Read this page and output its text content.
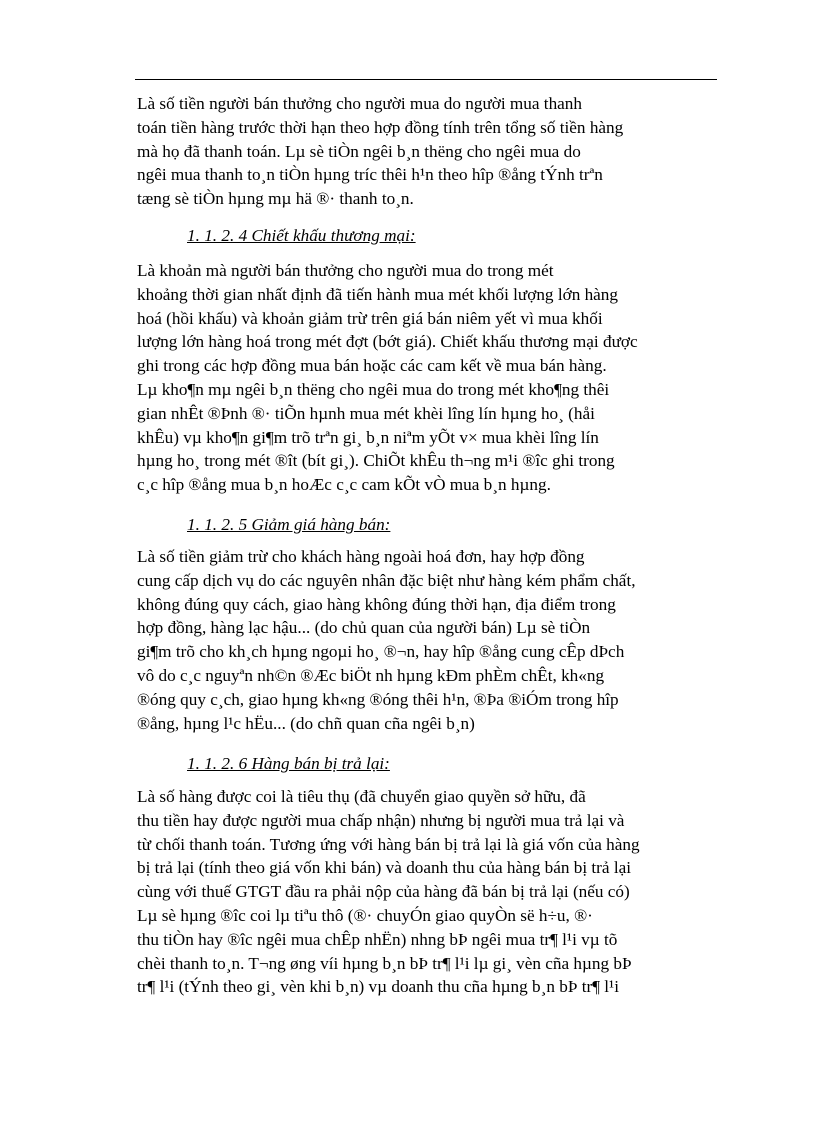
Là số tiền người bán thưởng cho người mua do người mua thanh
toán tiền hàng trước thời hạn theo hợp đồng tính trên tổng số tiền hàng
mà họ đã thanh toán. Lµ sè tiÒn ngêi b¸n thëng cho ngêi mua do
ngêi mua thanh to¸n tiÒn hµng tríc thêi h¹n theo hîp ®ång tÝnh trªn
tæng sè tiÒn hµng mµ hä ®· thanh to¸n.
1. 1. 2. 4 Chiết khấu thương mại:
Là khoản mà người bán thưởng cho người mua do trong mét
khoảng thời gian nhất định đã tiến hành mua mét khối lượng lớn hàng
hoá (hồi khấu) và khoản giảm trừ trên giá bán niêm yết vì mua khối
lượng lớn hàng hoá trong mét đợt (bớt giá). Chiết khấu thương mại được
ghi trong các hợp đồng mua bán hoặc các cam kết về mua bán hàng.
Lµ kho¶n mµ ngêi b¸n thëng cho ngêi mua do trong mét kho¶ng thêi
gian nhÊt ®Þnh ®· tiÕn hµnh mua mét khèi lîng lín hµng ho¸ (håi
khÊu) vµ kho¶n gi¶m trõ trªn gi¸ b¸n niªm yÕt v× mua khèi lîng lín
hµng ho¸ trong mét ®ît (bít gi¸). ChiÕt khÊu th¬ng m¹i ®îc ghi trong
c¸c hîp ®ång mua b¸n hoÆc c¸c cam kÕt vÒ mua b¸n hµng.
1. 1. 2. 5 Giảm giá hàng bán:
Là số tiền giảm trừ cho khách hàng ngoài hoá đơn, hay hợp đồng
cung cấp dịch vụ do các nguyên nhân đặc biệt như hàng kém phẩm chất,
không đúng quy cách, giao hàng không đúng thời hạn, địa điểm trong
hợp đồng, hàng lạc hậu... (do chủ quan của người bán) Lµ sè tiÒn
gi¶m trõ cho kh¸ch hµng ngoµi ho¸ ®¬n, hay hîp ®ång cung cÊp dÞch
vô do c¸c nguyªn nh©n ®Æc biÖt nh hµng kÐm phÈm chÊt, kh«ng
®óng quy c¸ch, giao hµng kh«ng ®óng thêi h¹n, ®Þa ®iÓm trong hîp
®ång, hµng l¹c hËu... (do chñ quan cña ngêi b¸n)
1. 1. 2. 6 Hàng bán bị trả lại:
Là số hàng được coi là tiêu thụ (đã chuyển giao quyền sở hữu, đã
thu tiền hay được người mua chấp nhận) nhưng bị người mua trả lại và
từ chối thanh toán. Tương ứng với hàng bán bị trả lại là giá vốn của hàng
bị trả lại (tính theo giá vốn khi bán) và doanh thu của hàng bán bị trả lại
cùng với thuế GTGT đầu ra phải nộp của hàng đã bán bị trả lại (nếu có)
Lµ sè hµng ®îc coi lµ tiªu thô (®· chuyÓn giao quyÒn së h÷u, ®·
thu tiÒn hay ®îc ngêi mua chÊp nhËn) nhng bÞ ngêi mua tr¶ l¹i vµ tõ
chèi thanh to¸n. T¬ng øng víi hµng b¸n bÞ tr¶ l¹i lµ gi¸ vèn cña hµng bÞ
tr¶ l¹i (tÝnh theo gi¸ vèn khi b¸n) vµ doanh thu cña hµng b¸n bÞ tr¶ l¹i
